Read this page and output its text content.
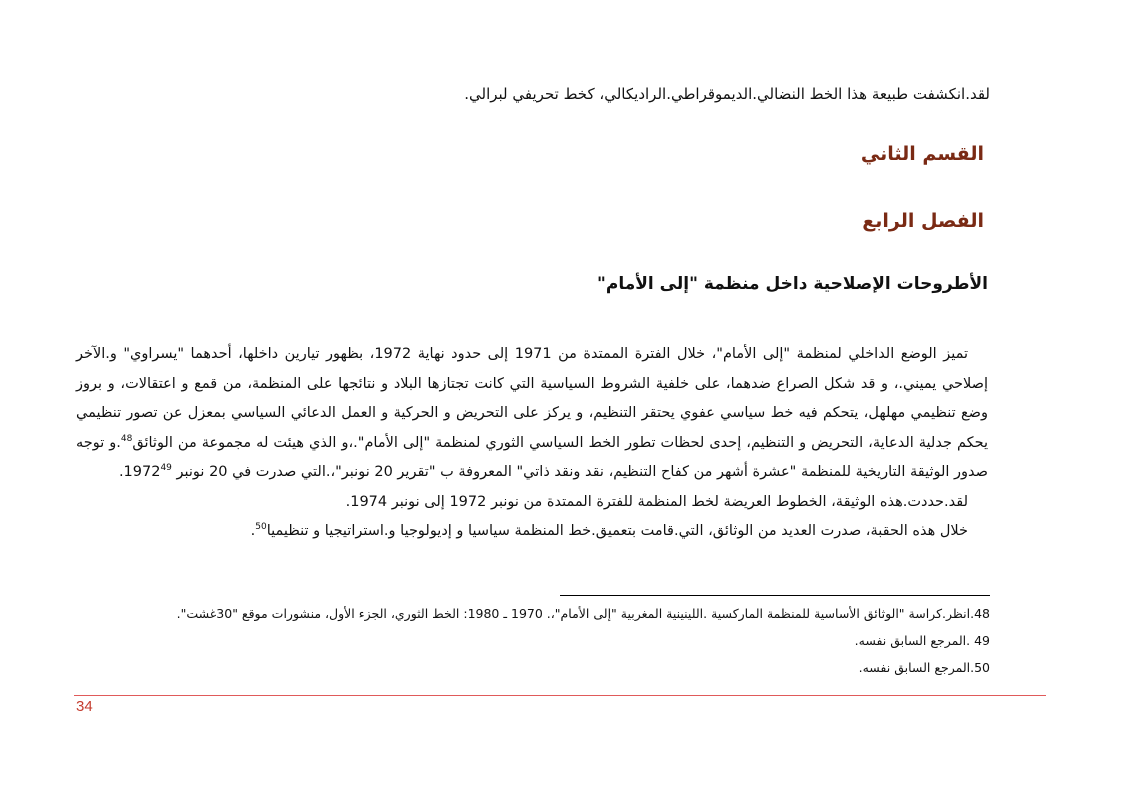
لقد.انكشفت طبيعة هذا الخط النضالي.الديموقراطي.الراديكالي، كخط تحريفي لبرالي.
القسم الثاني
الفصل الرابع
الأطروحات الإصلاحية داخل منظمة "إلى الأمام"

تميز الوضع الداخلي لمنظمة "إلى الأمام"، خلال الفترة الممتدة من 1971 إلى حدود نهاية 1972، بظهور تيارين داخلها، أحدهما "يسراوي" و.الآخر إصلاحي يميني.، و قد شكل الصراع ضدهما، على خلفية الشروط السياسية التي كانت تجتازها البلاد و نتائجها على المنظمة، من قمع و اعتقالات، و بروز وضع تنظيمي مهلهل، يتحكم فيه خط سياسي عفوي يحتقر التنظيم، و يركز على التحريض و الحركية و العمل الدعائي السياسي بمعزل عن تصور تنظيمي يحكم جدلية الدعاية، التحريض و التنظيم، إحدى لحظات تطور الخط السياسي الثوري لمنظمة "إلى الأمام".،و الذي هيئت له مجموعة من الوثائق$^{48}$.و توجه صدور الوثيقة التاريخية للمنظمة "عشرة أشهر من كفاح التنظيم، نقد ونقد ذاتي" المعروفة ب "تقرير 20 نونبر"،.التي صدرت في 20 نونبر 1972$^{49}$.

لقد.حددت.هذه الوثيقة، الخطوط العريضة لخط المنظمة للفترة الممتدة من نونبر 1972 إلى نونبر 1974.

خلال هذه الحقبة، صدرت العديد من الوثائق، التي.قامت بتعميق.خط المنظمة سياسيا و إديولوجيا و.استراتيجيا و تنظيميا$^{50}$.

48.انظر.كراسة "الوثائق الأساسية للمنظمة الماركسية .اللينينية المغربية "إلى الأمام"،. 1970 ـ 1980: الخط الثوري، الجزء الأول، منشورات موقع "30غشت".
49 .المرجع السابق نفسه.
50.المرجع السابق نفسه.
34
